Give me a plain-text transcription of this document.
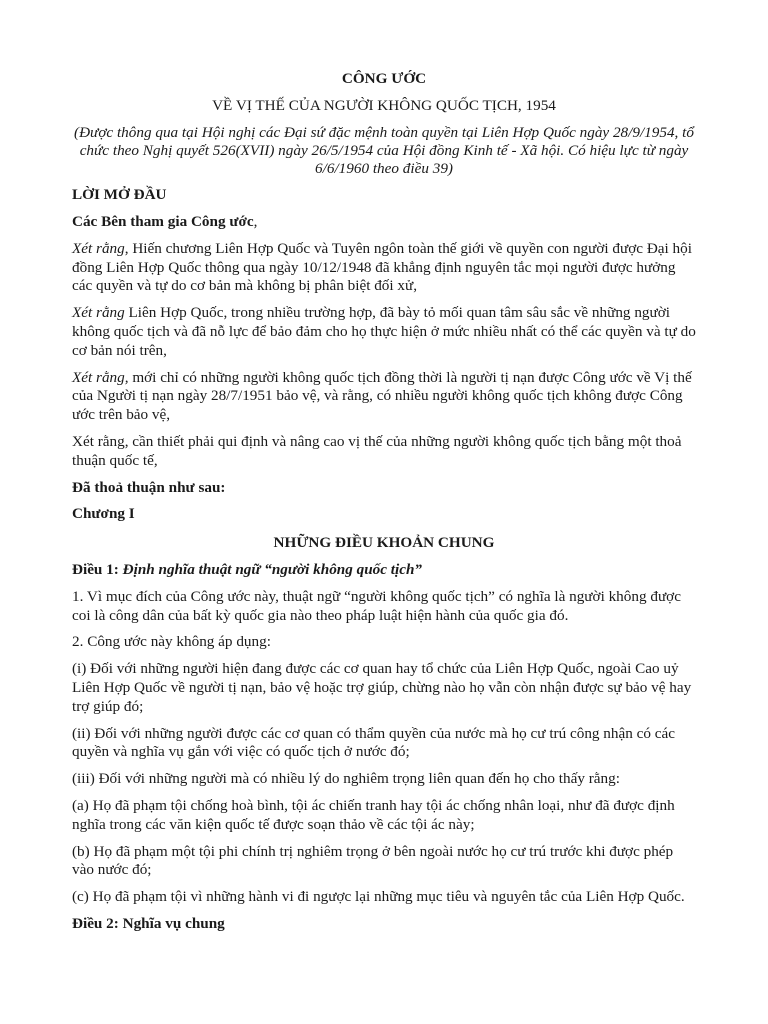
CÔNG ƯỚC

VỀ VỊ THẾ CỦA NGƯỜI KHÔNG QUỐC TỊCH, 1954

(Được thông qua tại Hội nghị các Đại sứ đặc mệnh toàn quyền tại Liên Hợp Quốc ngày 28/9/1954, tổ chức theo Nghị quyết 526(XVII) ngày 26/5/1954 của Hội đồng Kinh tế - Xã hội. Có hiệu lực từ ngày 6/6/1960 theo điều 39)

LỜI MỞ ĐẦU

Các Bên tham gia Công ước,

Xét rằng, Hiến chương Liên Hợp Quốc và Tuyên ngôn toàn thế giới về quyền con người được Đại hội đồng Liên Hợp Quốc thông qua ngày 10/12/1948 đã khẳng định nguyên tắc mọi người được hưởng các quyền và tự do cơ bản mà không bị phân biệt đối xử,

Xét rằng Liên Hợp Quốc, trong nhiều trường hợp, đã bày tỏ mối quan tâm sâu sắc về những người không quốc tịch và đã nỗ lực để bảo đảm cho họ thực hiện ở mức nhiều nhất có thể các quyền và tự do cơ bản nói trên,

Xét rằng, mới chỉ có những người không quốc tịch đồng thời là người tị nạn được Công ước về Vị thế của Người tị nạn ngày 28/7/1951 bảo vệ, và rằng, có nhiều người không quốc tịch không được Công ước trên bảo vệ,

Xét rằng, cần thiết phải qui định và nâng cao vị thế của những người không quốc tịch bằng một thoả thuận quốc tế,

Đã thoả thuận như sau:

Chương I

NHỮNG ĐIỀU KHOẢN CHUNG

Điều 1: Định nghĩa thuật ngữ “người không quốc tịch”

1. Vì mục đích của Công ước này, thuật ngữ “người không quốc tịch” có nghĩa là người không được coi là công dân của bất kỳ quốc gia nào theo pháp luật hiện hành của quốc gia đó.

2. Công ước này không áp dụng:

(i) Đối với những người hiện đang được các cơ quan hay tổ chức của Liên Hợp Quốc, ngoài Cao uỷ Liên Hợp Quốc về người tị nạn, bảo vệ hoặc trợ giúp, chừng nào họ vẫn còn nhận được sự bảo vệ hay trợ giúp đó;

(ii) Đối với những người được các cơ quan có thẩm quyền của nước mà họ cư trú công nhận có các quyền và nghĩa vụ gắn với việc có quốc tịch ở nước đó;

(iii) Đối với những người mà có nhiều lý do nghiêm trọng liên quan đến họ cho thấy rằng:

(a) Họ đã phạm tội chống hoà bình, tội ác chiến tranh hay tội ác chống nhân loại, như đã được định nghĩa trong các văn kiện quốc tế được soạn thảo về các tội ác này;

(b) Họ đã phạm một tội phi chính trị nghiêm trọng ở bên ngoài nước họ cư trú trước khi được phép vào nước đó;

(c) Họ đã phạm tội vì những hành vi đi ngược lại những mục tiêu và nguyên tắc của Liên Hợp Quốc.

Điều 2: Nghĩa vụ chung
